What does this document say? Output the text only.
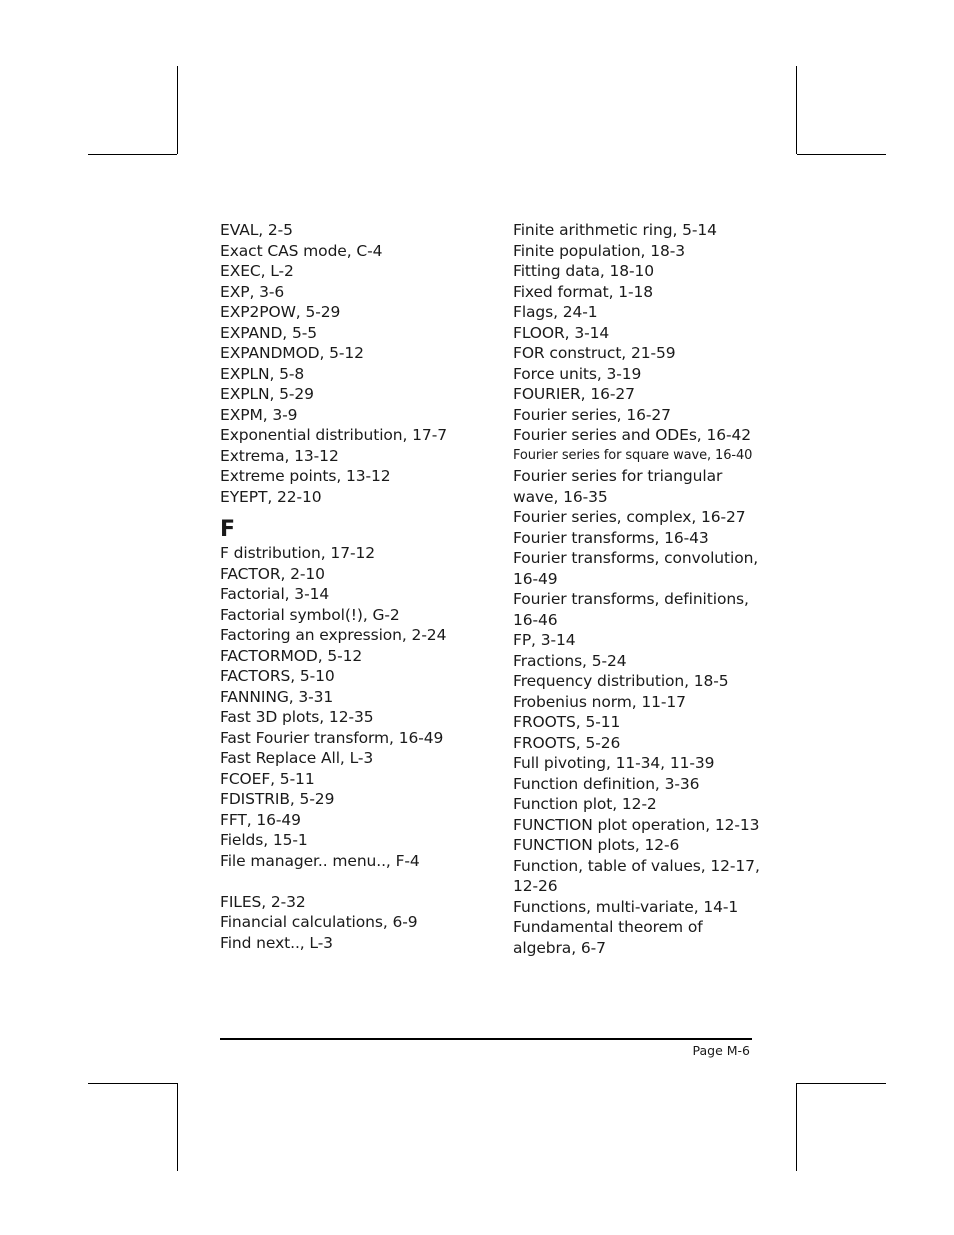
EVAL, 2-5
Exact CAS mode, C-4
EXEC, L-2
EXP, 3-6
EXP2POW, 5-29
EXPAND, 5-5
EXPANDMOD, 5-12
EXPLN, 5-8
EXPLN, 5-29
EXPM, 3-9
Exponential distribution, 17-7
Extrema, 13-12
Extreme points, 13-12
EYEPT, 22-10
F
F distribution, 17-12
FACTOR, 2-10
Factorial, 3-14
Factorial symbol(!), G-2
Factoring an expression, 2-24
FACTORMOD, 5-12
FACTORS, 5-10
FANNING, 3-31
Fast 3D plots, 12-35
Fast Fourier transform, 16-49
Fast Replace All, L-3
FCOEF, 5-11
FDISTRIB, 5-29
FFT, 16-49
Fields, 15-1
File manager.. menu.., F-4
FILES, 2-32
Financial calculations, 6-9
Find next.., L-3
Finite arithmetic ring, 5-14
Finite population, 18-3
Fitting data, 18-10
Fixed format, 1-18
Flags, 24-1
FLOOR, 3-14
FOR construct, 21-59
Force units, 3-19
FOURIER, 16-27
Fourier series, 16-27
Fourier series and ODEs, 16-42
Fourier series for square wave, 16-40
Fourier series for triangular wave, 16-35
Fourier series, complex, 16-27
Fourier transforms, 16-43
Fourier transforms, convolution, 16-49
Fourier transforms, definitions, 16-46
FP, 3-14
Fractions, 5-24
Frequency distribution, 18-5
Frobenius norm, 11-17
FROOTS, 5-11
FROOTS, 5-26
Full pivoting, 11-34, 11-39
Function definition, 3-36
Function plot, 12-2
FUNCTION plot operation, 12-13
FUNCTION plots, 12-6
Function, table of values, 12-17, 12-26
Functions, multi-variate, 14-1
Fundamental theorem of algebra, 6-7
Page M-6
